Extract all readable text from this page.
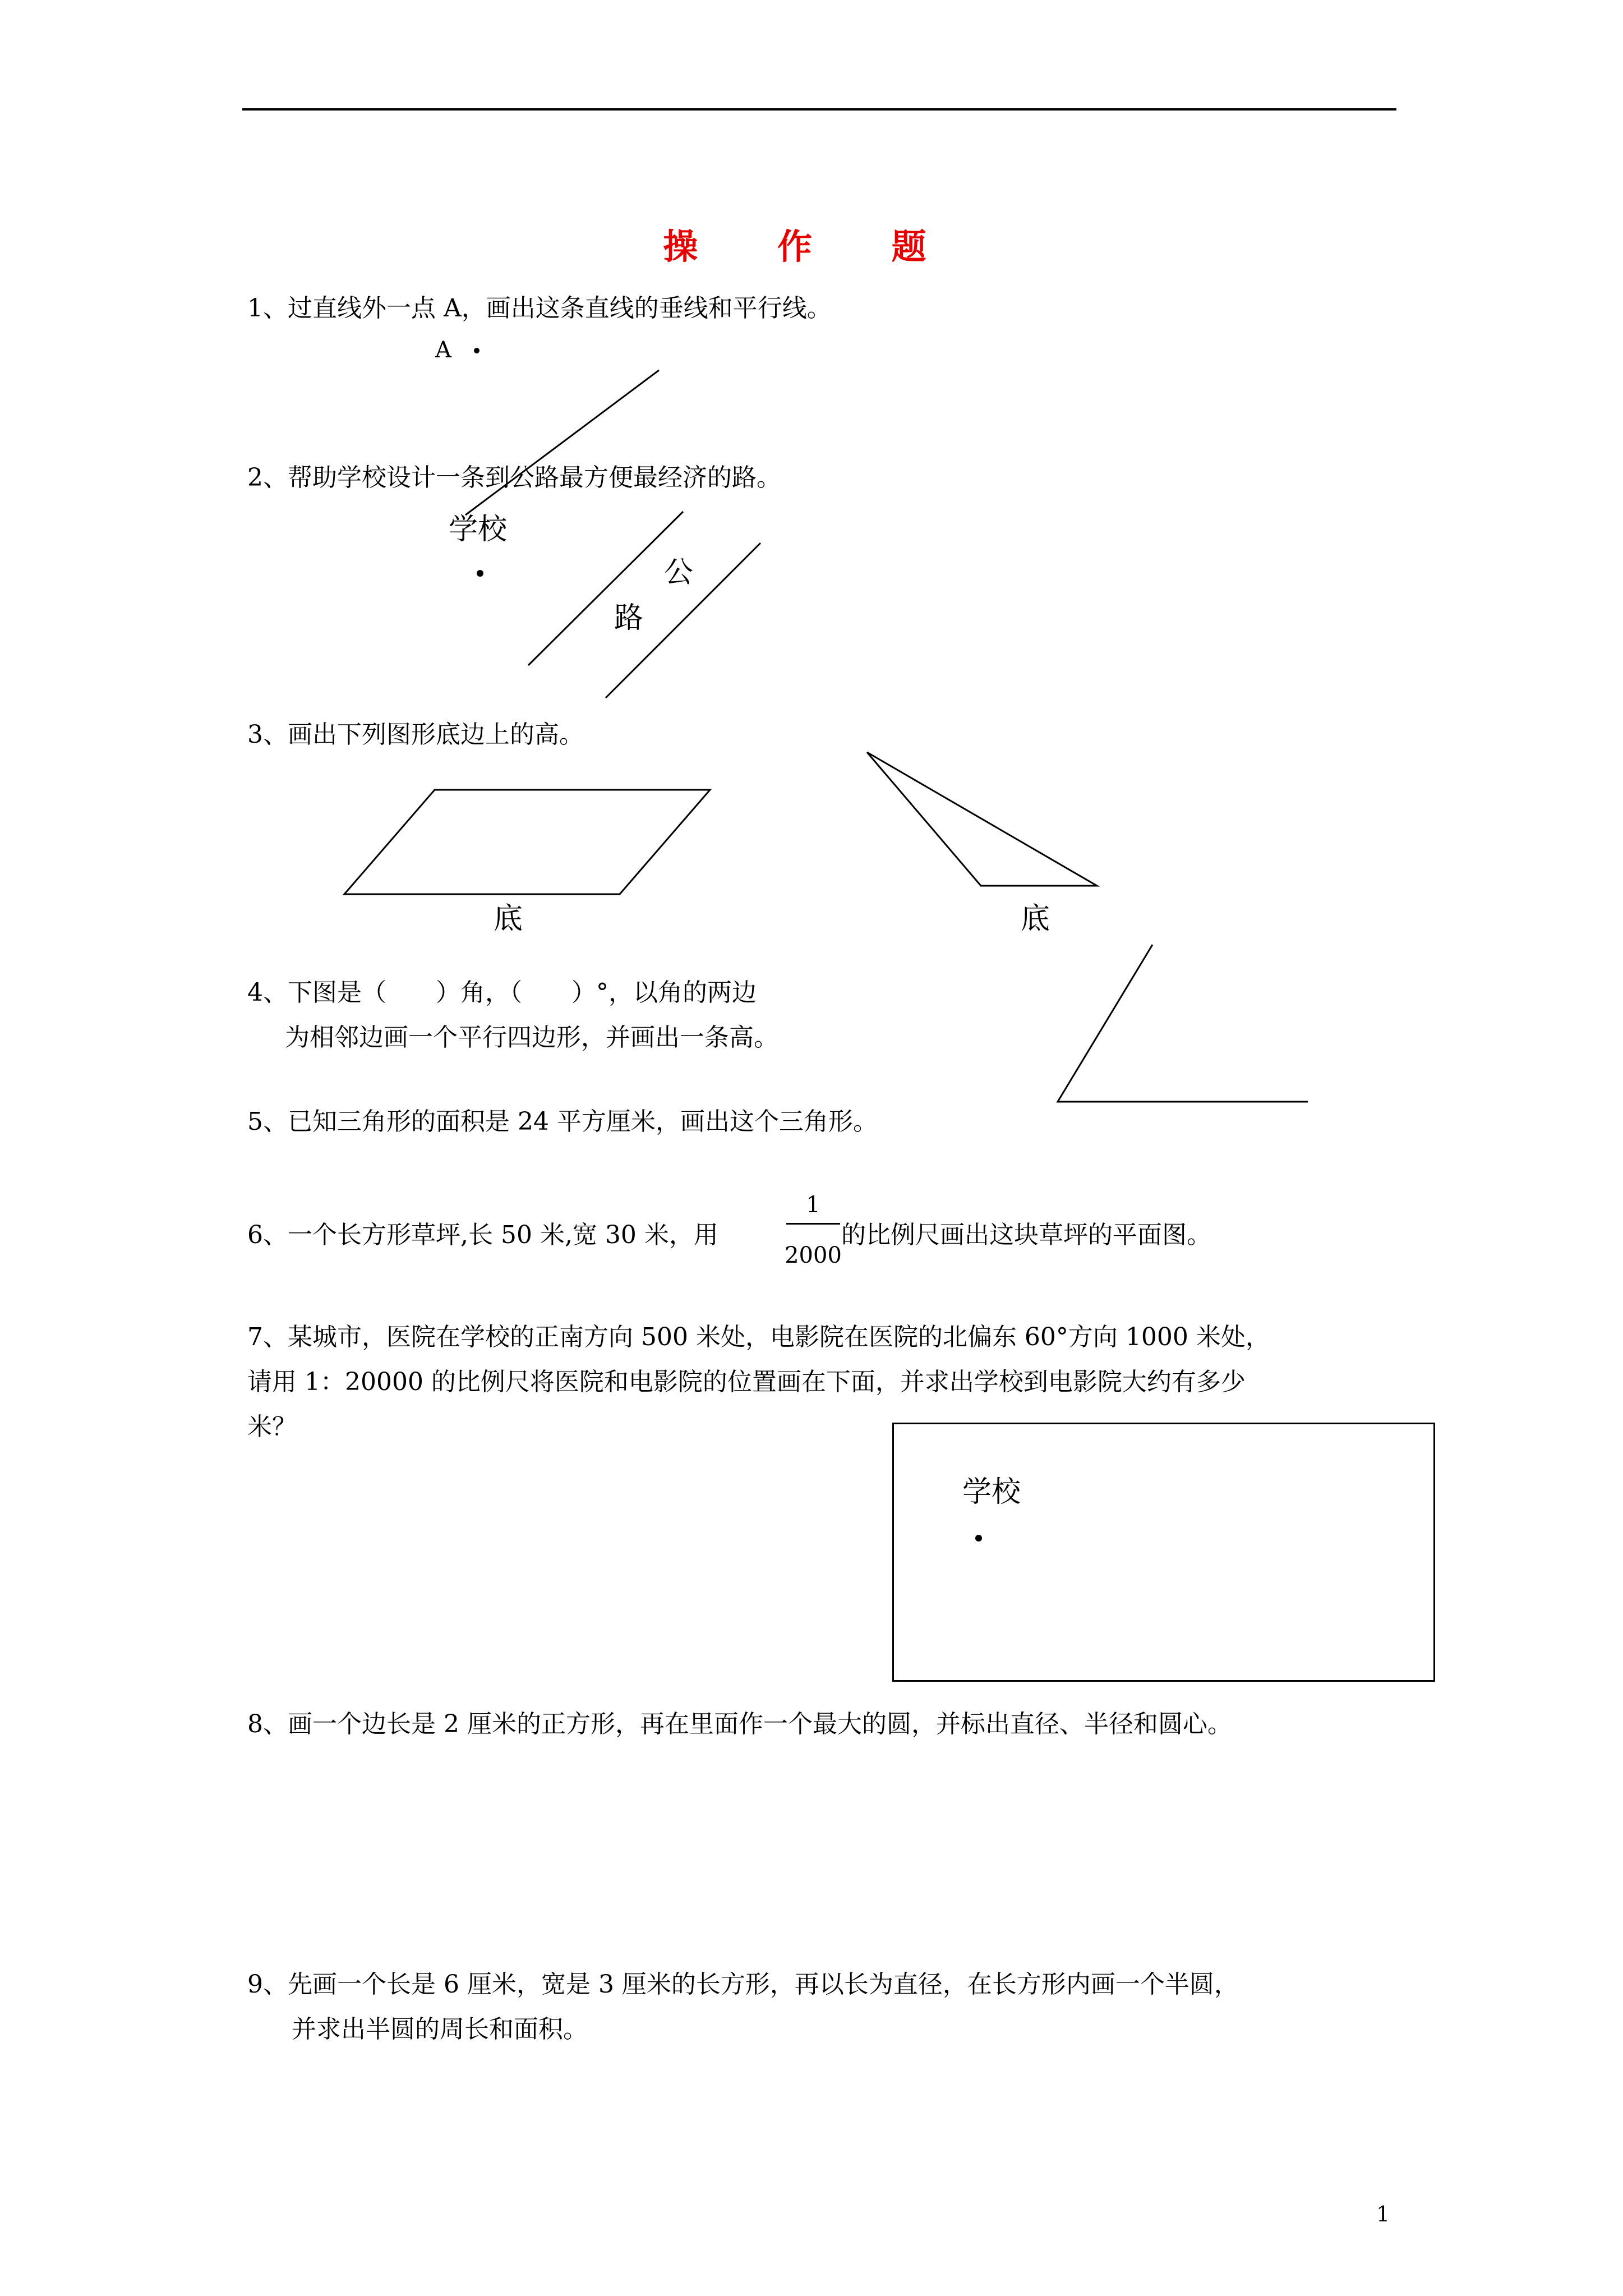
操 作 题
1、过直线外一点 A，画出这条直线的垂线和平行线。
A
2、帮助学校设计一条到公路最方便最经济的路。
学校
公
路
3、画出下列图形底边上的高。
底	底
4、下图是（　　）角，（　　）°，以角的两边
为相邻边画一个平行四边形，并画出一条高。
5、已知三角形的面积是 24 平方厘米，画出这个三角形。
6、一个长方形草坪,长 50 米,宽 30 米，用
1
2000
的比例尺画出这块草坪的平面图。
7、某城市，医院在学校的正南方向 500 米处，电影院在医院的北偏东 60°方向 1000 米处，
请用 1：20000 的比例尺将医院和电影院的位置画在下面，并求出学校到电影院大约有多少
米？
学校
8、画一个边长是 2 厘米的正方形，再在里面作一个最大的圆，并标出直径、半径和圆心。
9、先画一个长是 6 厘米，宽是 3 厘米的长方形，再以长为直径，在长方形内画一个半圆，
并求出半圆的周长和面积。
1
